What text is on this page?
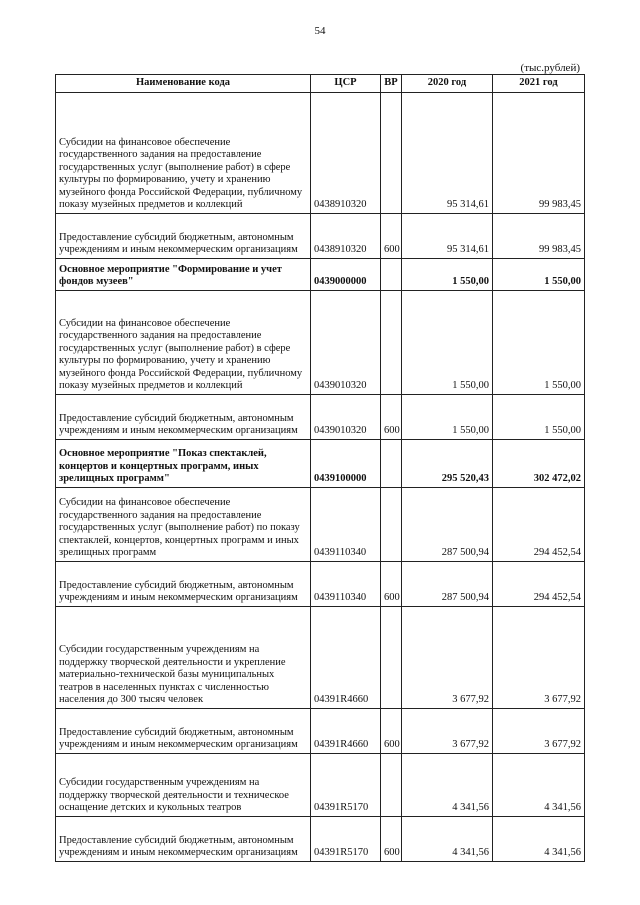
54
(тыс.рублей)
Наименование кода	ЦСР	ВР	2020 год	2021 год
Субсидии на финансовое обеспечение государственного задания на предоставление государственных услуг (выполнение работ) в сфере культуры по формированию, учету и хранению музейного фонда Российской Федерации, публичному показу музейных предметов и коллекций	0438910320		95 314,61	99 983,45
Предоставление субсидий бюджетным, автономным учреждениям и иным некоммерческим организациям	0438910320	600	95 314,61	99 983,45
Основное мероприятие "Формирование и учет фондов музеев"	0439000000		1 550,00	1 550,00
Субсидии на финансовое обеспечение государственного задания на предоставление государственных услуг (выполнение работ) в сфере культуры по формированию, учету и хранению музейного фонда Российской Федерации, публичному показу музейных предметов и коллекций	0439010320		1 550,00	1 550,00
Предоставление субсидий бюджетным, автономным учреждениям и иным некоммерческим организациям	0439010320	600	1 550,00	1 550,00
Основное мероприятие "Показ спектаклей, концертов и концертных программ, иных зрелищных программ"	0439100000		295 520,43	302 472,02
Субсидии на финансовое обеспечение государственного задания на предоставление государственных услуг (выполнение работ) по показу спектаклей, концертов, концертных программ и иных зрелищных программ	0439110340		287 500,94	294 452,54
Предоставление субсидий бюджетным, автономным учреждениям и иным некоммерческим организациям	0439110340	600	287 500,94	294 452,54
Субсидии государственным учреждениям на поддержку творческой деятельности и укрепление материально-технической базы муниципальных театров в населенных пунктах с численностью населения до 300 тысяч человек	04391R4660		3 677,92	3 677,92
Предоставление субсидий бюджетным, автономным учреждениям и иным некоммерческим организациям	04391R4660	600	3 677,92	3 677,92
Субсидии государственным учреждениям на поддержку творческой деятельности и техническое оснащение детских и кукольных театров	04391R5170		4 341,56	4 341,56
Предоставление субсидий бюджетным, автономным учреждениям и иным некоммерческим организациям	04391R5170	600	4 341,56	4 341,56
